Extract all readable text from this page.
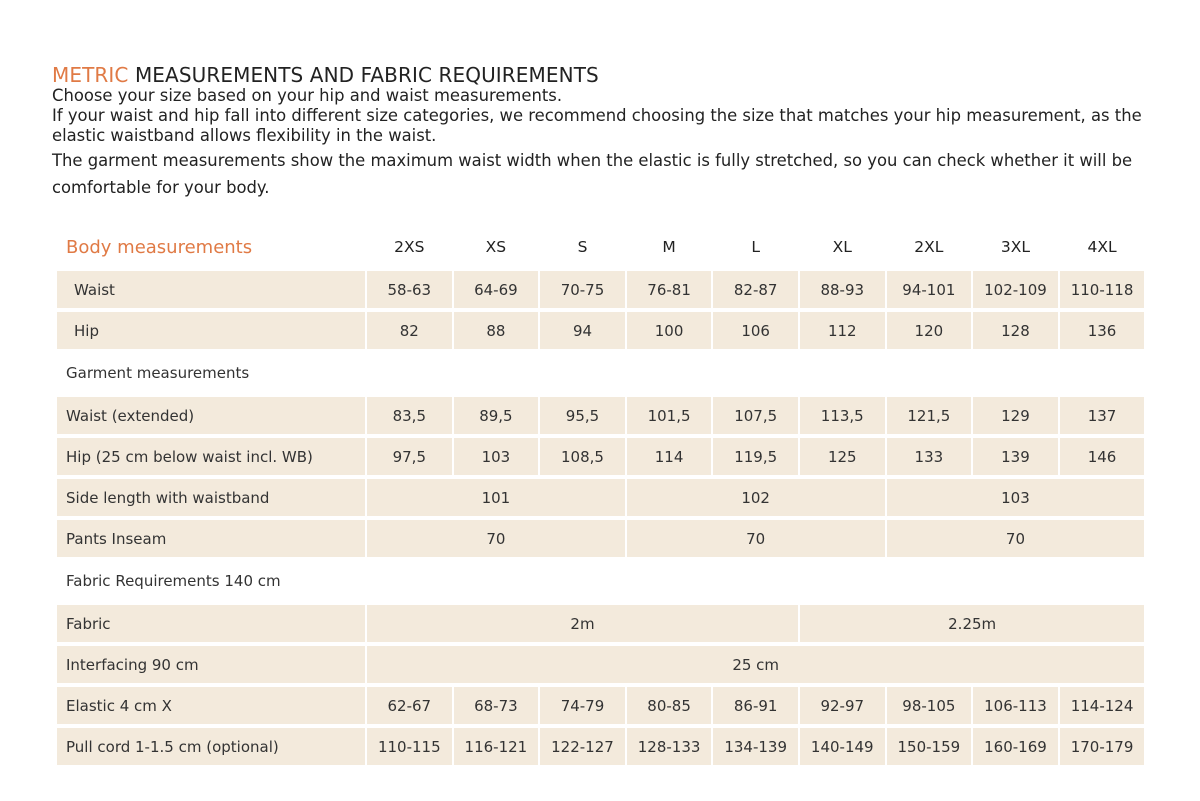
METRIC MEASUREMENTS AND FABRIC REQUIREMENTS

Choose your size based on your hip and waist measurements.

If your waist and hip fall into different size categories, we recommend choosing the size that matches your hip measurement, as the elastic waistband allows flexibility in the waist.

The garment measurements show the maximum waist width when the elastic is fully stretched, so you can check whether it will be comfortable for your body.

Body measurements	2XS	XS	S	M	L	XL	2XL	3XL	4XL
Waist	58-63	64-69	70-75	76-81	82-87	88-93	94-101	102-109	110-118
Hip	82	88	94	100	106	112	120	128	136
Garment measurements
Waist (extended)	83,5	89,5	95,5	101,5	107,5	113,5	121,5	129	137
Hip (25 cm below waist incl. WB)	97,5	103	108,5	114	119,5	125	133	139	146
Side length with waistband	101	102	103
Pants Inseam	70	70	70
Fabric Requirements 140 cm
Fabric	2m	2.25m
Interfacing 90 cm	25 cm
Elastic 4 cm X	62-67	68-73	74-79	80-85	86-91	92-97	98-105	106-113	114-124
Pull cord 1-1.5 cm (optional)	110-115	116-121	122-127	128-133	134-139	140-149	150-159	160-169	170-179
